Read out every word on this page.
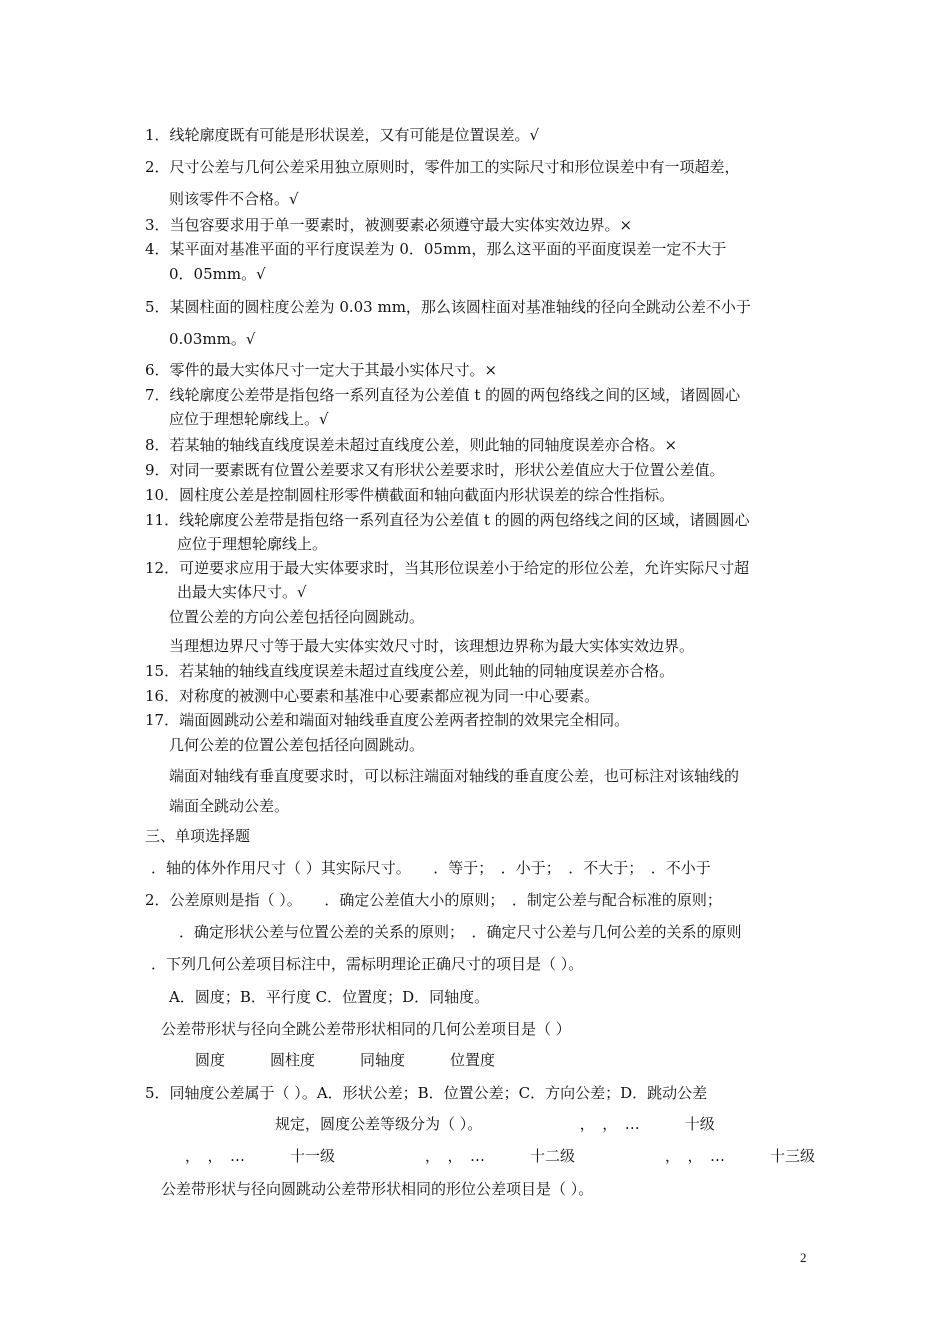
1．线轮廓度既有可能是形状误差，又有可能是位置误差。√
2．尺寸公差与几何公差采用独立原则时，零件加工的实际尺寸和形位误差中有一项超差，
则该零件不合格。√
3．当包容要求用于单一要素时，被测要素必须遵守最大实体实效边界。×
4．某平面对基准平面的平行度误差为 0．05mm，那么这平面的平面度误差一定不大于
0．05mm。√
5．某圆柱面的圆柱度公差为 0.03 mm，那么该圆柱面对基准轴线的径向全跳动公差不小于
0.03mm。√
6．零件的最大实体尺寸一定大于其最小实体尺寸。×
7．线轮廓度公差带是指包络一系列直径为公差值 t 的圆的两包络线之间的区域，诸圆圆心
应位于理想轮廓线上。√
8．若某轴的轴线直线度误差未超过直线度公差，则此轴的同轴度误差亦合格。×
9．对同一要素既有位置公差要求又有形状公差要求时，形状公差值应大于位置公差值。
10．圆柱度公差是控制圆柱形零件横截面和轴向截面内形状误差的综合性指标。
11．线轮廓度公差带是指包络一系列直径为公差值 t 的圆的两包络线之间的区域，诸圆圆心
应位于理想轮廓线上。
12．可逆要求应用于最大实体要求时，当其形位误差小于给定的形位公差，允许实际尺寸超
出最大实体尺寸。√
位置公差的方向公差包括径向圆跳动。
当理想边界尺寸等于最大实体实效尺寸时，该理想边界称为最大实体实效边界。
15．若某轴的轴线直线度误差未超过直线度公差，则此轴的同轴度误差亦合格。
16．对称度的被测中心要素和基准中心要素都应视为同一中心要素。
17．端面圆跳动公差和端面对轴线垂直度公差两者控制的效果完全相同。
几何公差的位置公差包括径向圆跳动。
端面对轴线有垂直度要求时，可以标注端面对轴线的垂直度公差，也可标注对该轴线的
端面全跳动公差。
三、单项选择题
．轴的体外作用尺寸（ ）其实际尺寸。　　．等于；　．小于；　．不大于；　．不小于
2．公差原则是指（ ）。　　．确定公差值大小的原则；　．制定公差与配合标准的原则；
．确定形状公差与位置公差的关系的原则；　．确定尺寸公差与几何公差的关系的原则
．下列几何公差项目标注中，需标明理论正确尺寸的项目是（ ）。
A．圆度；B．平行度 C．位置度；D．同轴度。
公差带形状与径向全跳公差带形状相同的几何公差项目是（ ）
圆度　　　圆柱度　　　同轴度　　　位置度
5．同轴度公差属于（ ）。A．形状公差；B．位置公差；C．方向公差；D．跳动公差
规定，圆度公差等级分为（ ）。　　　　　　　，　，　…　　　十级
，　，　…　　　十一级　　　　　　，　，　…　　　十二级　　　　　　，　，　…　　　十三级
公差带形状与径向圆跳动公差带形状相同的形位公差项目是（ ）。
2
